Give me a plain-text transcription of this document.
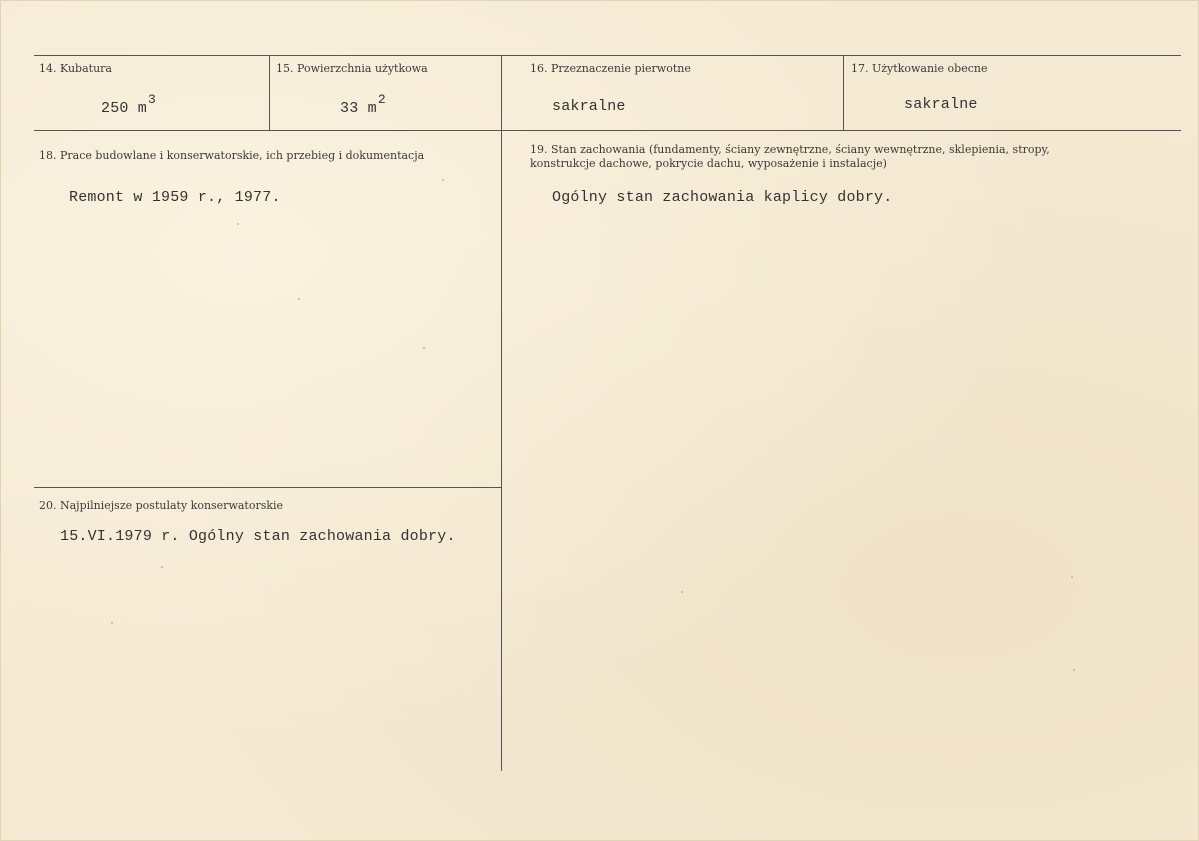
14. Kubatura
250 $m^3$
15. Powierzchnia użytkowa
33 $m^2$
16. Przeznaczenie pierwotne
sakralne
17. Użytkowanie obecne
sakralne
18. Prace budowlane i konserwatorskie, ich przebieg i dokumentacja
Remont w 1959 r., 1977.
19. Stan zachowania (fundamenty, ściany zewnętrzne, ściany wewnętrzne, sklepienia, stropy,
konstrukcje dachowe, pokrycie dachu, wyposażenie i instalacje)
Ogólny stan zachowania kaplicy dobry.
20. Najpilniejsze postulaty konserwatorskie
15.VI.1979 r. Ogólny stan zachowania dobry.
